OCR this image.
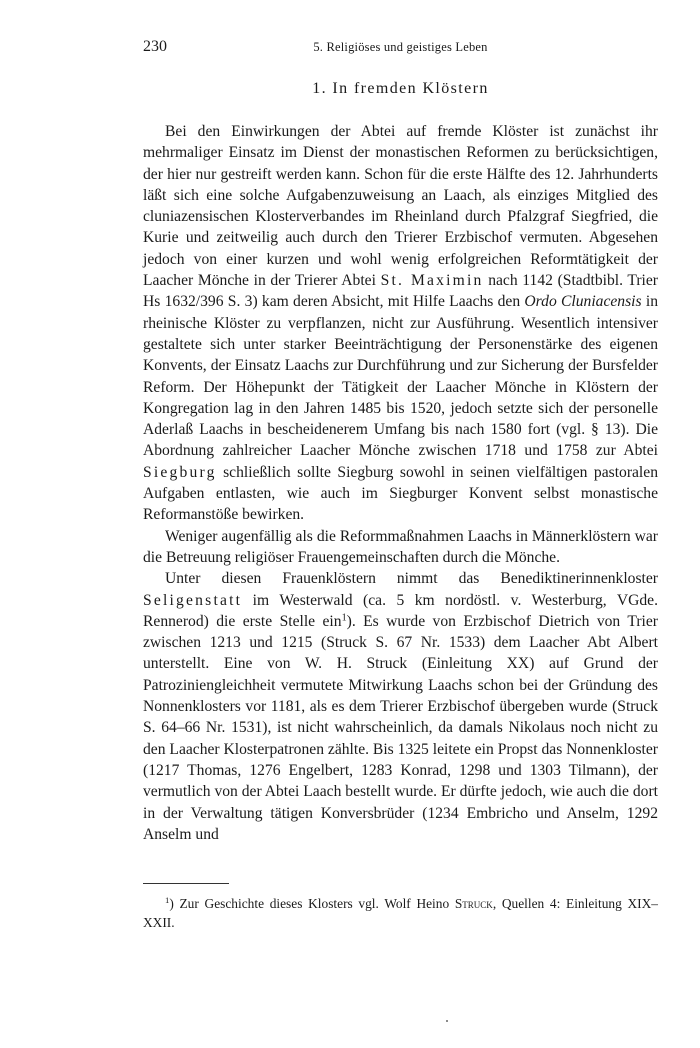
230	5. Religiöses und geistiges Leben
1. In fremden Klöstern

Bei den Einwirkungen der Abtei auf fremde Klöster ist zunächst ihr mehrmaliger Einsatz im Dienst der monastischen Reformen zu berücksichtigen, der hier nur gestreift werden kann. Schon für die erste Hälfte des 12. Jahrhunderts läßt sich eine solche Aufgabenzuweisung an Laach, als einziges Mitglied des cluniazensischen Klosterverbandes im Rheinland durch Pfalzgraf Siegfried, die Kurie und zeitweilig auch durch den Trierer Erzbischof vermuten. Abgesehen jedoch von einer kurzen und wohl wenig erfolgreichen Reformtätigkeit der Laacher Mönche in der Trierer Abtei St. Maximin nach 1142 (Stadtbibl. Trier Hs 1632/396 S. 3) kam deren Absicht, mit Hilfe Laachs den Ordo Cluniacensis in rheinische Klöster zu verpflanzen, nicht zur Ausführung. Wesentlich intensiver gestaltete sich unter starker Beeinträchtigung der Personenstärke des eigenen Konvents, der Einsatz Laachs zur Durchführung und zur Sicherung der Bursfelder Reform. Der Höhepunkt der Tätigkeit der Laacher Mönche in Klöstern der Kongregation lag in den Jahren 1485 bis 1520, jedoch setzte sich der personelle Aderlaß Laachs in bescheidenerem Umfang bis nach 1580 fort (vgl. § 13). Die Abordnung zahlreicher Laacher Mönche zwischen 1718 und 1758 zur Abtei Siegburg schließlich sollte Siegburg sowohl in seinen vielfältigen pastoralen Aufgaben entlasten, wie auch im Siegburger Konvent selbst monastische Reformanstöße bewirken.

Weniger augenfällig als die Reformmaßnahmen Laachs in Männerklöstern war die Betreuung religiöser Frauengemeinschaften durch die Mönche.

Unter diesen Frauenklöstern nimmt das Benediktinerinnenkloster Seligenstatt im Westerwald (ca. 5 km nordöstl. v. Westerburg, VGde. Rennerod) die erste Stelle ein$^1$). Es wurde von Erzbischof Dietrich von Trier zwischen 1213 und 1215 (Struck S. 67 Nr. 1533) dem Laacher Abt Albert unterstellt. Eine von W. H. Struck (Einleitung XX) auf Grund der Patroziniengleichheit vermutete Mitwirkung Laachs schon bei der Gründung des Nonnenklosters vor 1181, als es dem Trierer Erzbischof übergeben wurde (Struck S. 64–66 Nr. 1531), ist nicht wahrscheinlich, da damals Nikolaus noch nicht zu den Laacher Klosterpatronen zählte. Bis 1325 leitete ein Propst das Nonnenkloster (1217 Thomas, 1276 Engelbert, 1283 Konrad, 1298 und 1303 Tilmann), der vermutlich von der Abtei Laach bestellt wurde. Er dürfte jedoch, wie auch die dort in der Verwaltung tätigen Konversbrüder (1234 Embricho und Anselm, 1292 Anselm und

$^1$) Zur Geschichte dieses Klosters vgl. Wolf Heino Struck, Quellen 4: Einleitung XIX–XXII.
